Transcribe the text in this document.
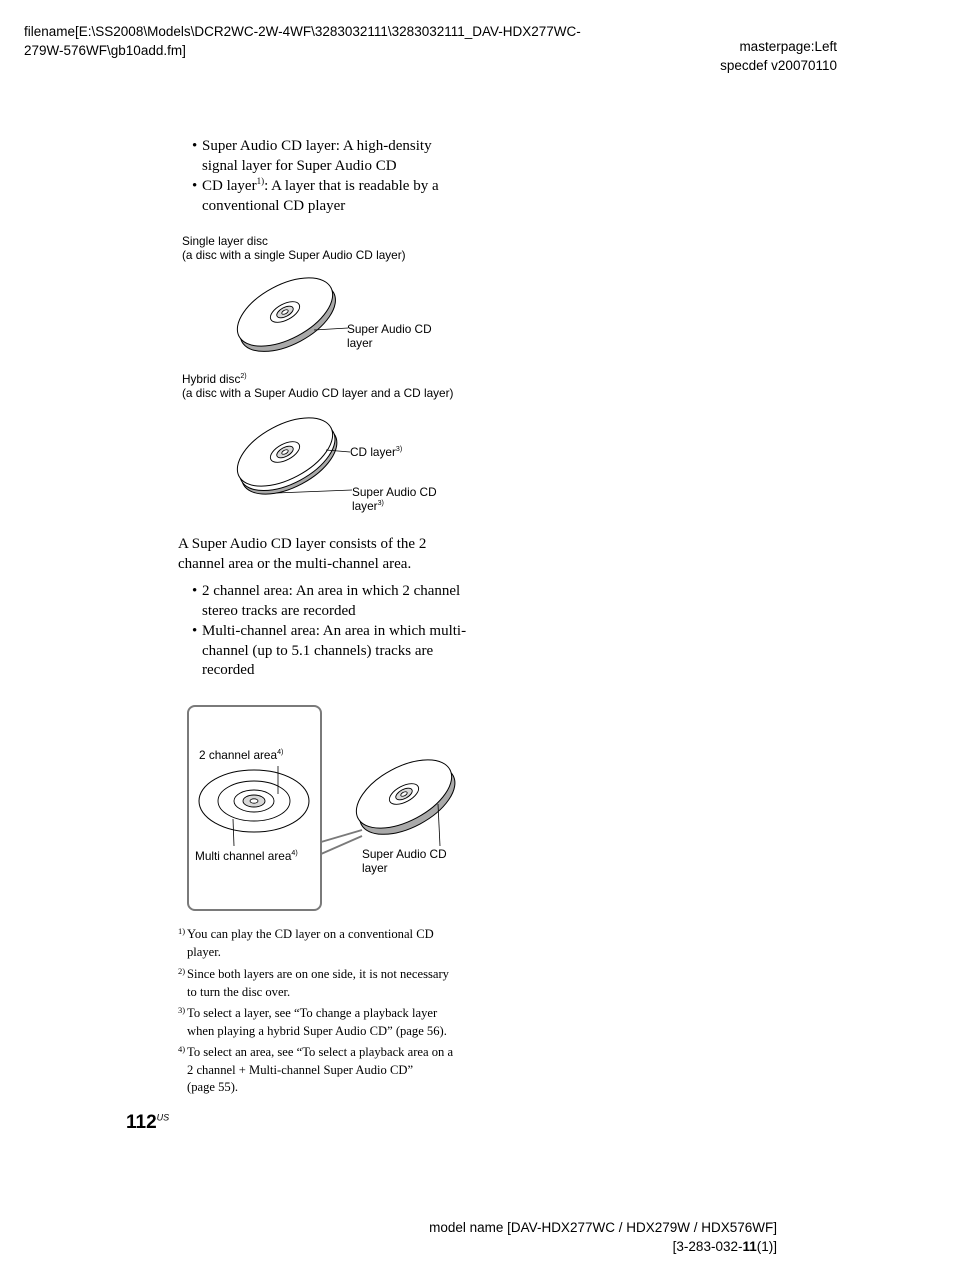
filename[E:\SS2008\Models\DCR2WC-2W-4WF\3283032111\3283032111_DAV-HDX277WC-
279W-576WF\gb10add.fm]	masterpage:Left
specdef v20070110
• Super Audio CD layer: A high-density
signal layer for Super Audio CD
• CD layer$^{1)}$: A layer that is readable by a
conventional CD player
Single layer disc
(a disc with a single Super Audio CD layer)
Super Audio CD
layer
Hybrid disc$^{2)}$
(a disc with a Super Audio CD layer and a CD layer)
CD layer$^{3)}$
Super Audio CD
layer$^{3)}$
A Super Audio CD layer consists of the 2
channel area or the multi-channel area.
• 2 channel area: An area in which 2 channel
stereo tracks are recorded
• Multi-channel area: An area in which multi-
channel (up to 5.1 channels) tracks are
recorded
2 channel area$^{4)}$
Multi channel area$^{4)}$	Super Audio CD
layer
1) You can play the CD layer on a conventional CD
player.
2) Since both layers are on one side, it is not necessary
to turn the disc over.
3) To select a layer, see “To change a playback layer
when playing a hybrid Super Audio CD” (page 56).
4) To select an area, see “To select a playback area on a
2 channel + Multi-channel Super Audio CD”
(page 55).
$112^{US}$
model name [DAV-HDX277WC / HDX279W / HDX576WF]
[3-283-032-11(1)]
